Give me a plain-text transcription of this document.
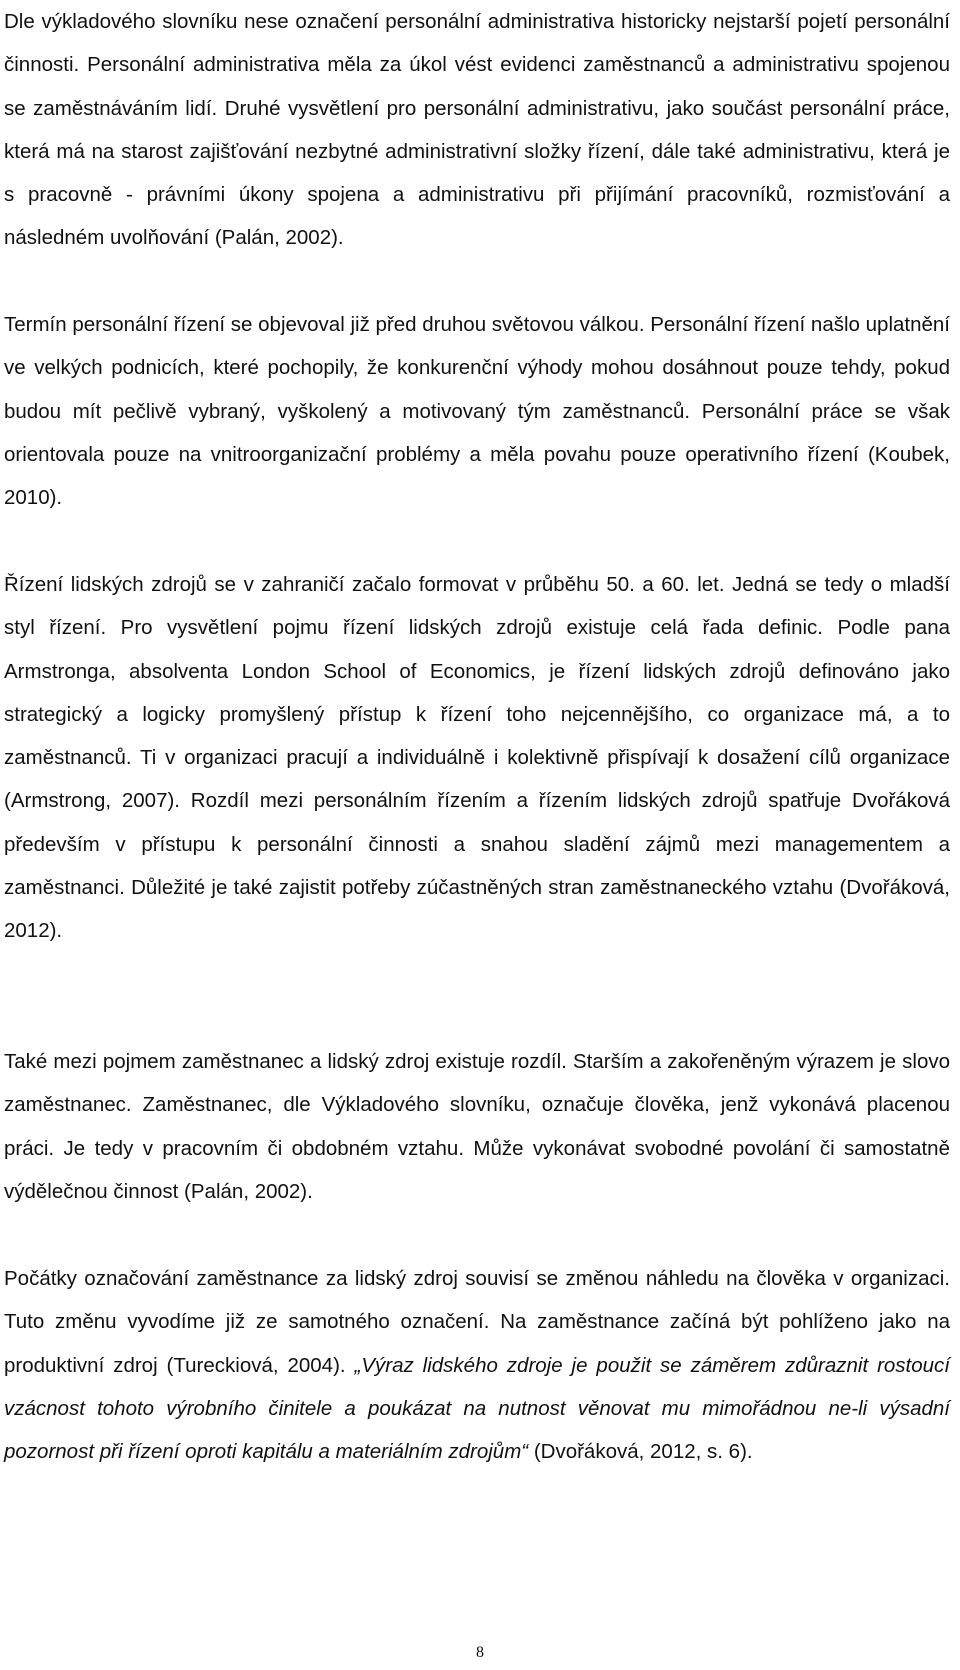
Dle výkladového slovníku nese označení personální administrativa historicky nejstarší pojetí personální činnosti. Personální administrativa měla za úkol vést evidenci zaměstnanců a administrativu spojenou se zaměstnáváním lidí. Druhé vysvětlení pro personální administrativu, jako součást personální práce, která má na starost zajišťování nezbytné administrativní složky řízení, dále také administrativu, která je s pracovně - právními úkony spojena a administrativu při přijímání pracovníků, rozmisťování a následném uvolňování (Palán, 2002).

Termín personální řízení se objevoval již před druhou světovou válkou. Personální řízení našlo uplatnění ve velkých podnicích, které pochopily, že konkurenční výhody mohou dosáhnout pouze tehdy, pokud budou mít pečlivě vybraný, vyškolený a motivovaný tým zaměstnanců. Personální práce se však orientovala pouze na vnitroorganizační problémy a měla povahu pouze operativního řízení (Koubek, 2010).

Řízení lidských zdrojů se v zahraničí začalo formovat v průběhu 50. a 60. let. Jedná se tedy o mladší styl řízení. Pro vysvětlení pojmu řízení lidských zdrojů existuje celá řada definic. Podle pana Armstronga, absolventa London School of Economics, je řízení lidských zdrojů definováno jako strategický a logicky promyšlený přístup k řízení toho nejcennějšího, co organizace má, a to zaměstnanců. Ti v organizaci pracují a individuálně i kolektivně přispívají k dosažení cílů organizace (Armstrong, 2007). Rozdíl mezi personálním řízením a řízením lidských zdrojů spatřuje Dvořáková především v přístupu k personální činnosti a snahou sladění zájmů mezi managementem a zaměstnanci. Důležité je také zajistit potřeby zúčastněných stran zaměstnaneckého vztahu (Dvořáková, 2012).

Také mezi pojmem zaměstnanec a lidský zdroj existuje rozdíl. Starším a zakořeněným výrazem je slovo zaměstnanec. Zaměstnanec, dle Výkladového slovníku, označuje člověka, jenž vykonává placenou práci. Je tedy v pracovním či obdobném vztahu. Může vykonávat svobodné povolání či samostatně výdělečnou činnost (Palán, 2002).

Počátky označování zaměstnance za lidský zdroj souvisí se změnou náhledu na člověka v organizaci. Tuto změnu vyvodíme již ze samotného označení. Na zaměstnance začíná být pohlíženo jako na produktivní zdroj (Tureckiová, 2004). „Výraz lidského zdroje je použit se záměrem zdůraznit rostoucí vzácnost tohoto výrobního činitele a poukázat na nutnost věnovat mu mimořádnou ne-li výsadní pozornost při řízení oproti kapitálu a materiálním zdrojům“ (Dvořáková, 2012, s. 6).

8
